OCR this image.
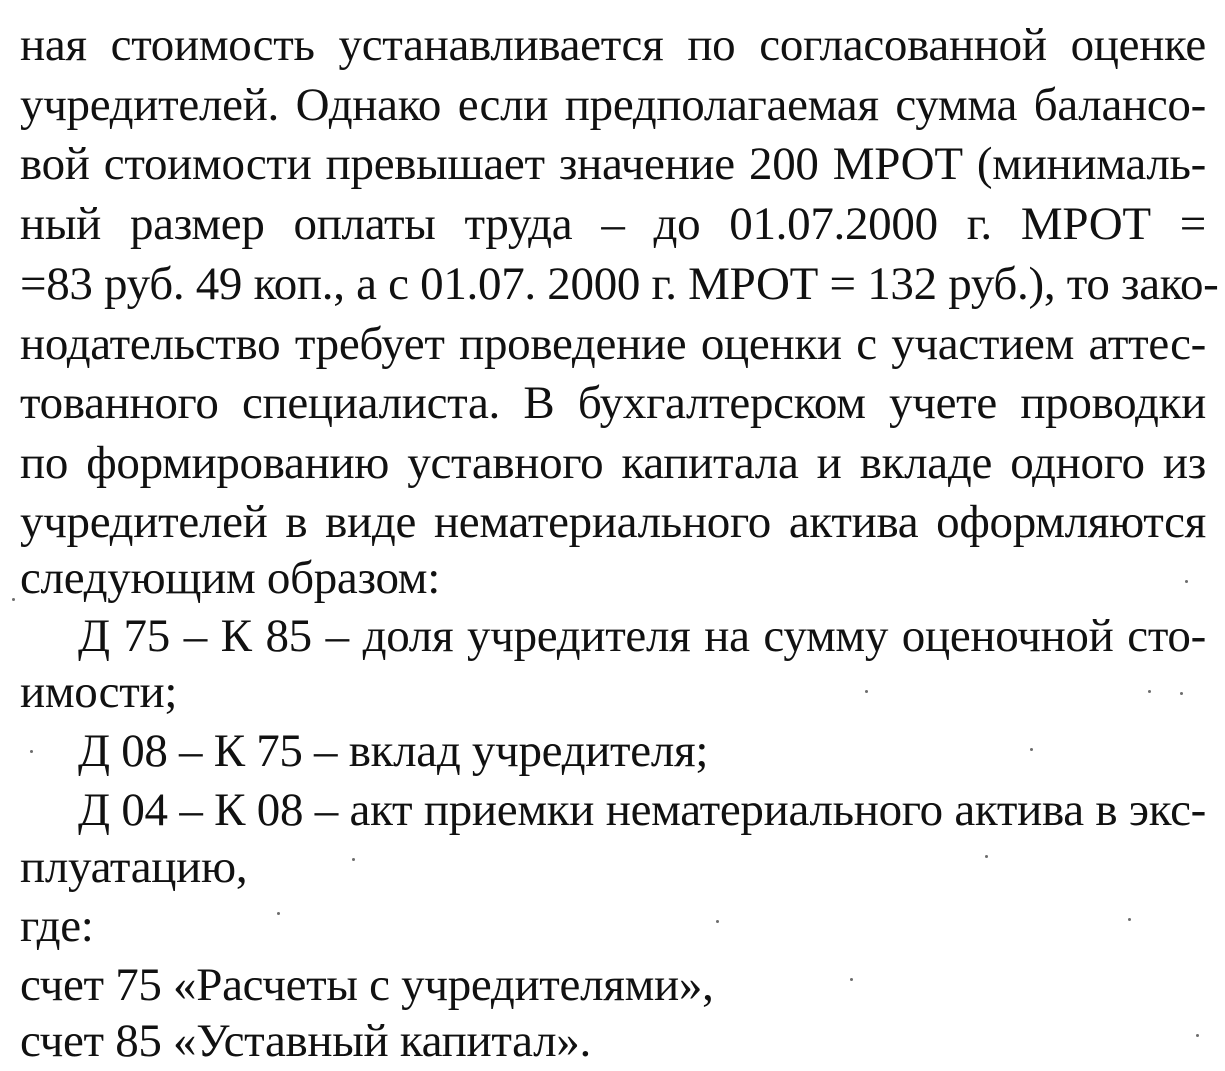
ная стоимость устанавливается по согласованной оценке
учредителей. Однако если предполагаемая сумма балансо-
вой стоимости превышает значение 200 МРОТ (минималь-
ный размер оплаты труда – до 01.07.2000 г. МРОТ =
=83 руб. 49 коп., а с 01.07. 2000 г. МРОТ = 132 руб.), то зако-
нодательство требует проведение оценки с участием аттес-
тованного специалиста. В бухгалтерском учете проводки
по формированию уставного капитала и вкладе одного из
учредителей в виде нематериального актива оформляются
следующим образом:
Д 75 – К 85 – доля учредителя на сумму оценочной сто-
имости;
Д 08 – К 75 – вклад учредителя;
Д 04 – К 08 – акт приемки нематериального актива в экс-
плуатацию,
где:
счет 75 «Расчеты с учредителями»,
счет 85 «Уставный капитал».
